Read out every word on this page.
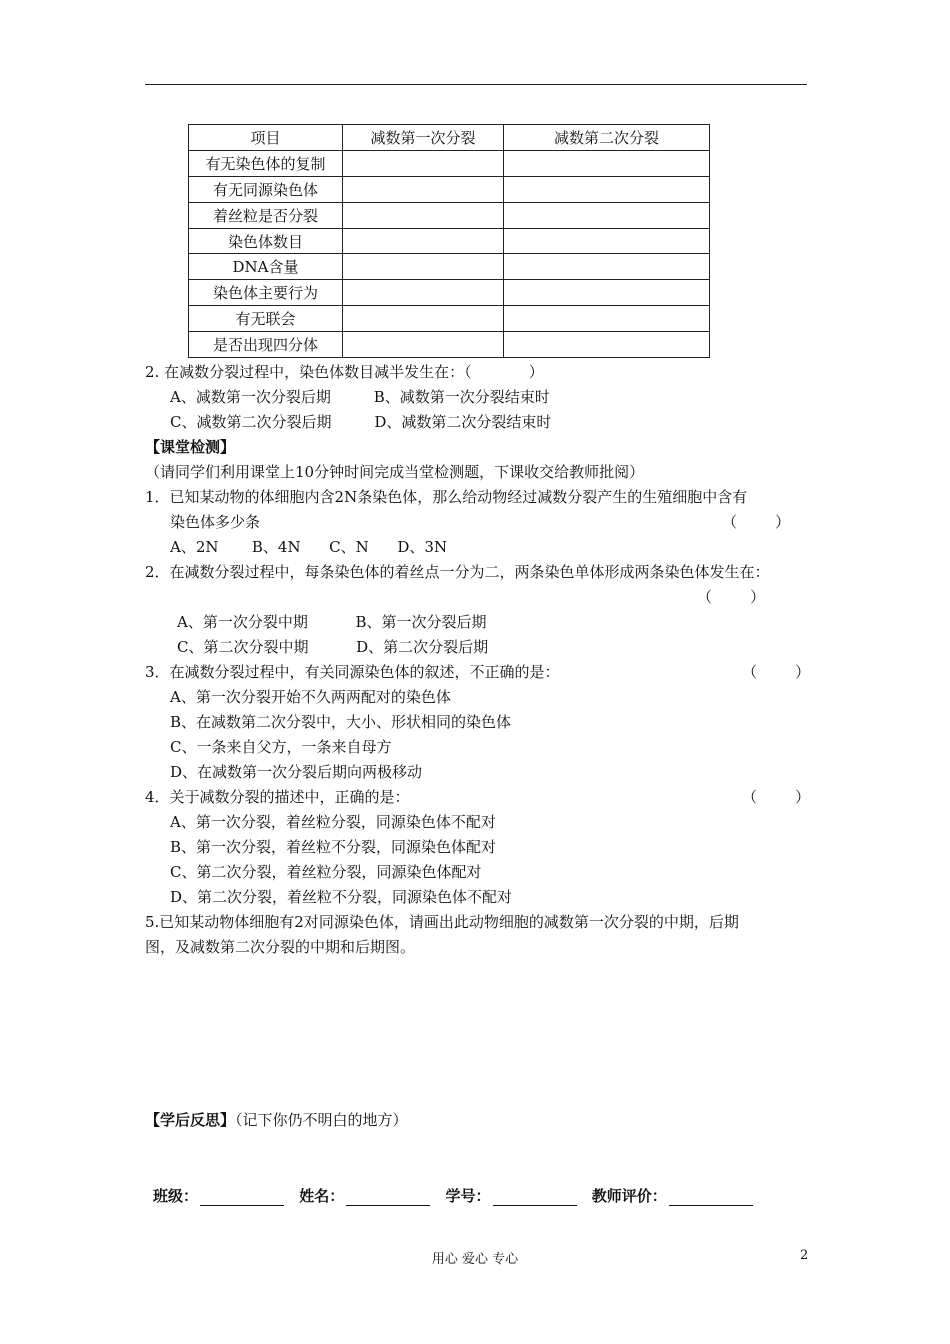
项目	减数第一次分裂	减数第二次分裂
有无染色体的复制		
有无同源染色体		
着丝粒是否分裂		
染色体数目		
DNA含量		
染色体主要行为		
有无联会		
是否出现四分体		
2. 在减数分裂过程中，染色体数目减半发生在：（            ）
A、减数第一次分裂后期         B、减数第一次分裂结束时
C、减数第二次分裂后期         D、减数第二次分裂结束时
【课堂检测】
（请同学们利用课堂上10分钟时间完成当堂检测题，下课收交给教师批阅）
1．已知某动物的体细胞内含2N条染色体，那么给动物经过减数分裂产生的生殖细胞中含有
染色体多少条	（        ）
A、2N       B、4N      C、N      D、3N
2．在减数分裂过程中，每条染色体的着丝点一分为二，两条染色单体形成两条染色体发生在：
（        ）
A、第一次分裂中期          B、第一次分裂后期
C、第二次分裂中期          D、第二次分裂后期
3．在减数分裂过程中，有关同源染色体的叙述，不正确的是：	（        ）
A、第一次分裂开始不久两两配对的染色体
B、在减数第二次分裂中，大小、形状相同的染色体
C、一条来自父方，一条来自母方
D、在减数第一次分裂后期向两极移动
4．关于减数分裂的描述中，正确的是：	（        ）
A、第一次分裂，着丝粒分裂，同源染色体不配对
B、第一次分裂，着丝粒不分裂，同源染色体配对
C、第二次分裂，着丝粒分裂，同源染色体配对
D、第二次分裂，着丝粒不分裂，同源染色体不配对
5.已知某动物体细胞有2对同源染色体，请画出此动物细胞的减数第一次分裂的中期，后期
图，及减数第二次分裂的中期和后期图。
【学后反思】（记下你仍不明白的地方）
班级：	姓名：	学号：	教师评价：
用心 爱心 专心	2
